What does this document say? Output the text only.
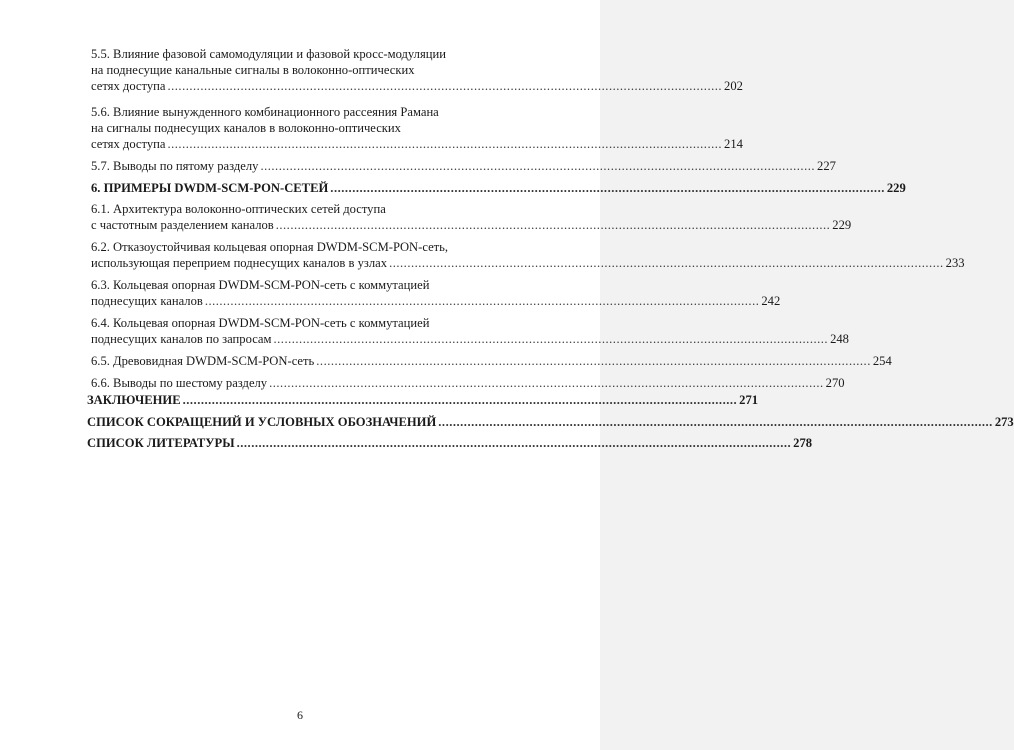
5.5. Влияние фазовой самомодуляции и фазовой кросс-модуляции
на поднесущие канальные сигналы в волоконно-оптических
сетях доступа ........................................................................................................................................................ 202
5.6. Влияние вынужденного комбинационного рассеяния Рамана
на сигналы поднесущих каналов в волоконно-оптических
сетях доступа ........................................................................................................................................................ 214
5.7. Выводы по пятому разделу ........................................................................................................................................................ 227
6. ПРИМЕРЫ DWDM-SCM-PON-СЕТЕЙ ........................................................................................................................................................ 229
6.1. Архитектура волоконно-оптических сетей доступа
с частотным разделением каналов ........................................................................................................................................................ 229
6.2. Отказоустойчивая кольцевая опорная DWDM-SCM-PON-сеть,
использующая переприем поднесущих каналов в узлах ........................................................................................................................................................ 233
6.3. Кольцевая опорная DWDM-SCM-PON-сеть с коммутацией
поднесущих каналов ........................................................................................................................................................ 242
6.4. Кольцевая опорная DWDM-SCM-PON-сеть с коммутацией
поднесущих каналов по запросам ........................................................................................................................................................ 248
6.5. Древовидная DWDM-SCM-PON-сеть ........................................................................................................................................................ 254
6.6. Выводы по шестому разделу ........................................................................................................................................................ 270
ЗАКЛЮЧЕНИЕ ........................................................................................................................................................ 271
СПИСОК СОКРАЩЕНИЙ И УСЛОВНЫХ ОБОЗНАЧЕНИЙ ........................................................................................................................................................ 273
СПИСОК ЛИТЕРАТУРЫ ........................................................................................................................................................ 278
6
